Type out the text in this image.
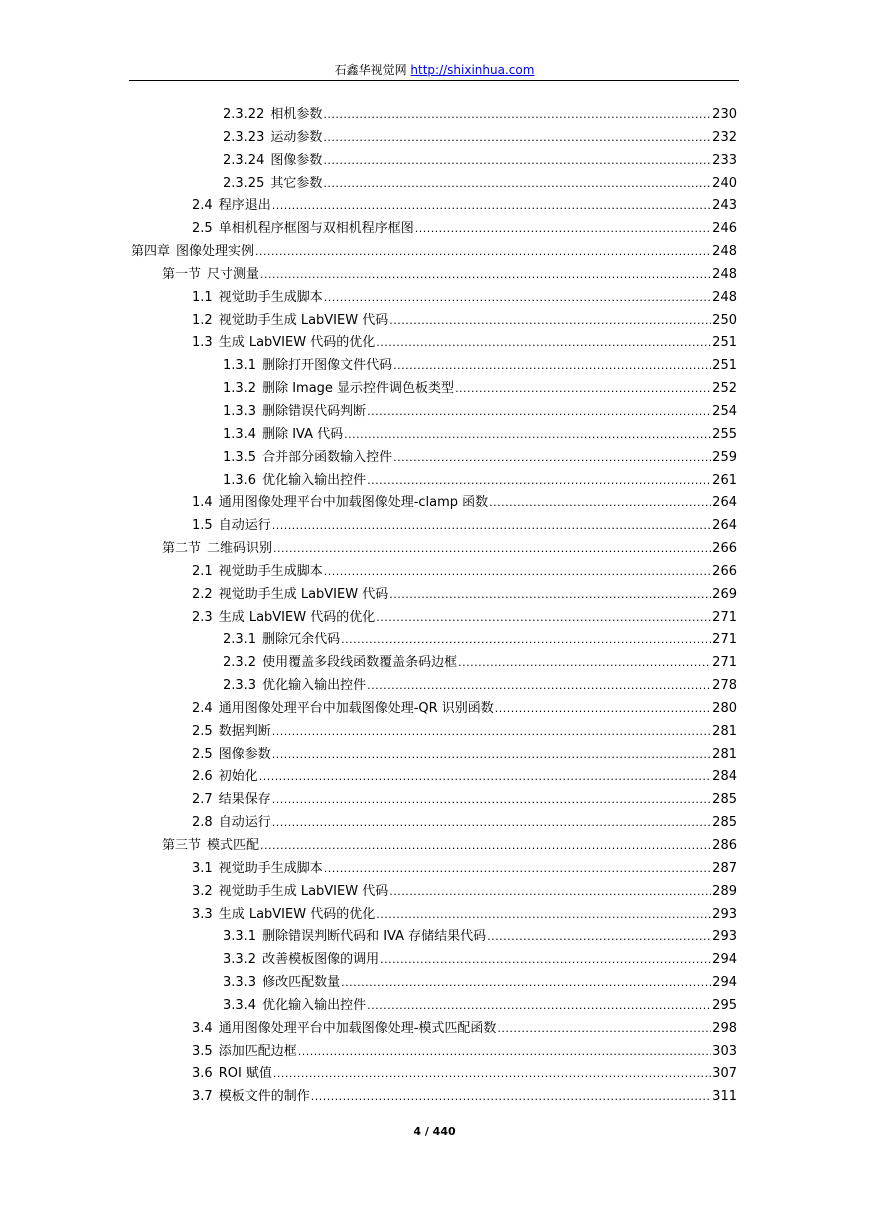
石鑫华视觉网 http://shixinhua.com
2.3.22 相机参数 .....	230
2.3.23 运动参数 .....	232
2.3.24 图像参数 .....	233
2.3.25 其它参数 .....	240
2.4 程序退出 .....	243
2.5 单相机程序框图与双相机程序框图 .....	246
第四章 图像处理实例 .....	248
第一节 尺寸测量 .....	248
1.1 视觉助手生成脚本 .....	248
1.2 视觉助手生成 LabVIEW 代码 .....	250
1.3 生成 LabVIEW 代码的优化 .....	251
1.3.1 删除打开图像文件代码 .....	251
1.3.2 删除 Image 显示控件调色板类型 .....	252
1.3.3 删除错误代码判断 .....	254
1.3.4 删除 IVA 代码 .....	255
1.3.5 合并部分函数输入控件 .....	259
1.3.6 优化输入输出控件 .....	261
1.4 通用图像处理平台中加载图像处理-clamp 函数 .....	264
1.5 自动运行 .....	264
第二节 二维码识别 .....	266
2.1 视觉助手生成脚本 .....	266
2.2 视觉助手生成 LabVIEW 代码 .....	269
2.3 生成 LabVIEW 代码的优化 .....	271
2.3.1 删除冗余代码 .....	271
2.3.2 使用覆盖多段线函数覆盖条码边框 .....	271
2.3.3 优化输入输出控件 .....	278
2.4 通用图像处理平台中加载图像处理-QR 识别函数 .....	280
2.5 数据判断 .....	281
2.5 图像参数 .....	281
2.6 初始化 .....	284
2.7 结果保存 .....	285
2.8 自动运行 .....	285
第三节 模式匹配 .....	286
3.1 视觉助手生成脚本 .....	287
3.2 视觉助手生成 LabVIEW 代码 .....	289
3.3 生成 LabVIEW 代码的优化 .....	293
3.3.1 删除错误判断代码和 IVA 存储结果代码 .....	293
3.3.2 改善模板图像的调用 .....	294
3.3.3 修改匹配数量 .....	294
3.3.4 优化输入输出控件 .....	295
3.4 通用图像处理平台中加载图像处理-模式匹配函数 .....	298
3.5 添加匹配边框 .....	303
3.6 ROI 赋值 .....	307
3.7 模板文件的制作 .....	311
4 / 440
